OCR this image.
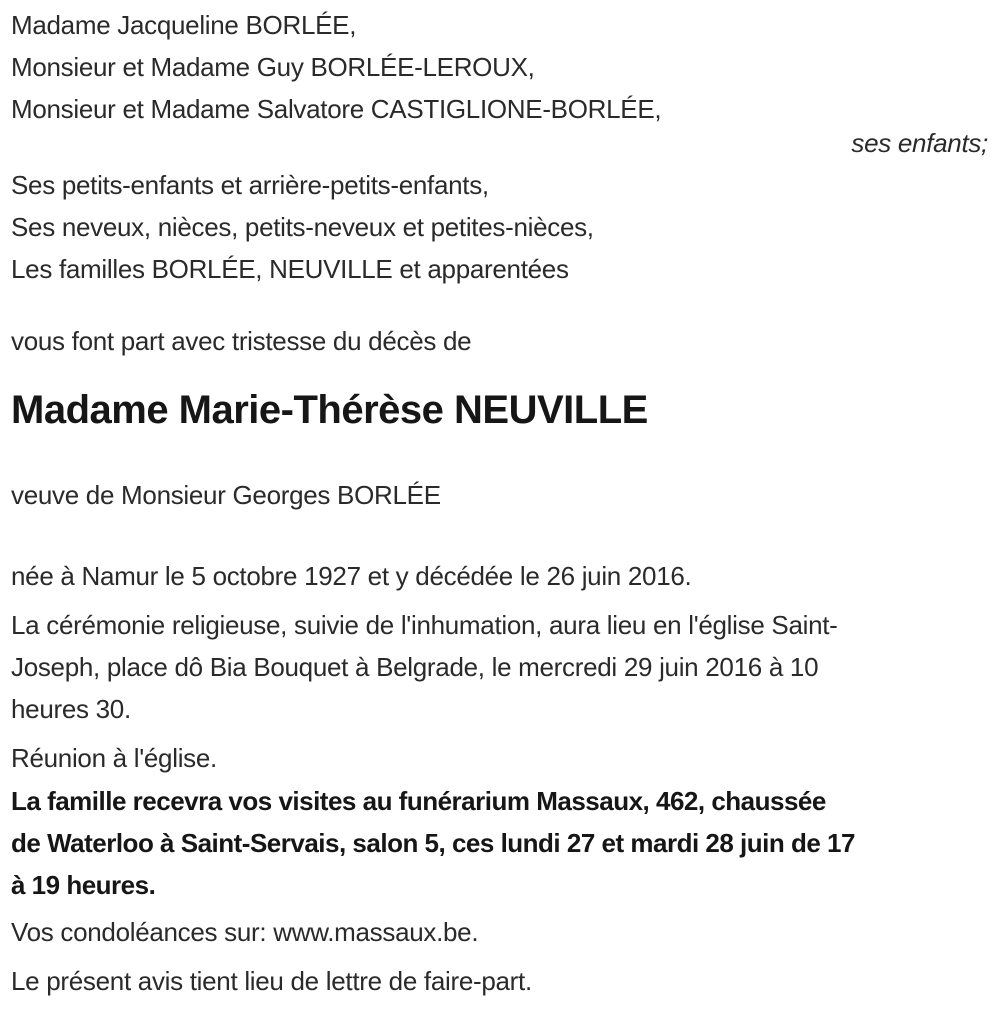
Madame Jacqueline BORLÉE,
Monsieur et Madame Guy BORLÉE-LEROUX,
Monsieur et Madame Salvatore CASTIGLIONE-BORLÉE,
ses enfants;
Ses petits-enfants et arrière-petits-enfants,
Ses neveux, nièces, petits-neveux et petites-nièces,
Les familles BORLÉE, NEUVILLE et apparentées
vous font part avec tristesse du décès de
Madame Marie-Thérèse NEUVILLE
veuve de Monsieur Georges BORLÉE
née à Namur le 5 octobre 1927 et y décédée le 26 juin 2016.
La cérémonie religieuse, suivie de l'inhumation, aura lieu en l'église Saint-
Joseph, place dô Bia Bouquet à Belgrade, le mercredi 29 juin 2016 à 10
heures 30.
Réunion à l'église.
La famille recevra vos visites au funérarium Massaux, 462, chaussée
de Waterloo à Saint-Servais, salon 5, ces lundi 27 et mardi 28 juin de 17
à 19 heures.
Vos condoléances sur: www.massaux.be.
Le présent avis tient lieu de lettre de faire-part.
